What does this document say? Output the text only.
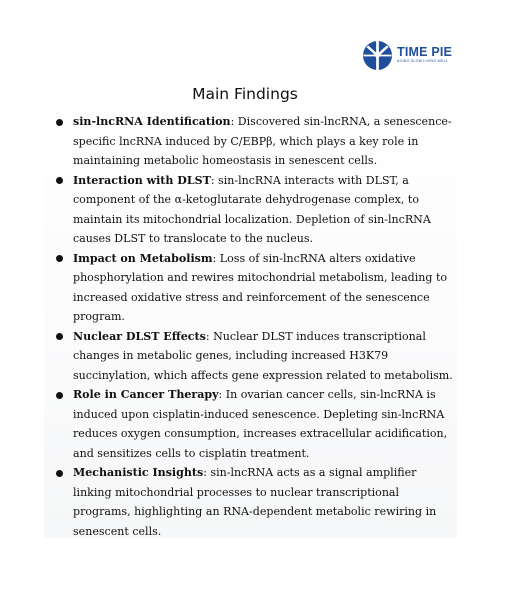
TIME PIE
AGING SLOW LIVING WELL
Main Findings
sin-lncRNA Identification: Discovered sin-lncRNA, a senescence-specific lncRNA induced by C/EBPβ, which plays a key role in maintaining metabolic homeostasis in senescent cells.
Interaction with DLST: sin-lncRNA interacts with DLST, a component of the α-ketoglutarate dehydrogenase complex, to maintain its mitochondrial localization. Depletion of sin-lncRNA causes DLST to translocate to the nucleus.
Impact on Metabolism: Loss of sin-lncRNA alters oxidative phosphorylation and rewires mitochondrial metabolism, leading to increased oxidative stress and reinforcement of the senescence program.
Nuclear DLST Effects: Nuclear DLST induces transcriptional changes in metabolic genes, including increased H3K79 succinylation, which affects gene expression related to metabolism.
Role in Cancer Therapy: In ovarian cancer cells, sin-lncRNA is induced upon cisplatin-induced senescence. Depleting sin-lncRNA reduces oxygen consumption, increases extracellular acidification, and sensitizes cells to cisplatin treatment.
Mechanistic Insights: sin-lncRNA acts as a signal amplifier linking mitochondrial processes to nuclear transcriptional programs, highlighting an RNA-dependent metabolic rewiring in senescent cells.
